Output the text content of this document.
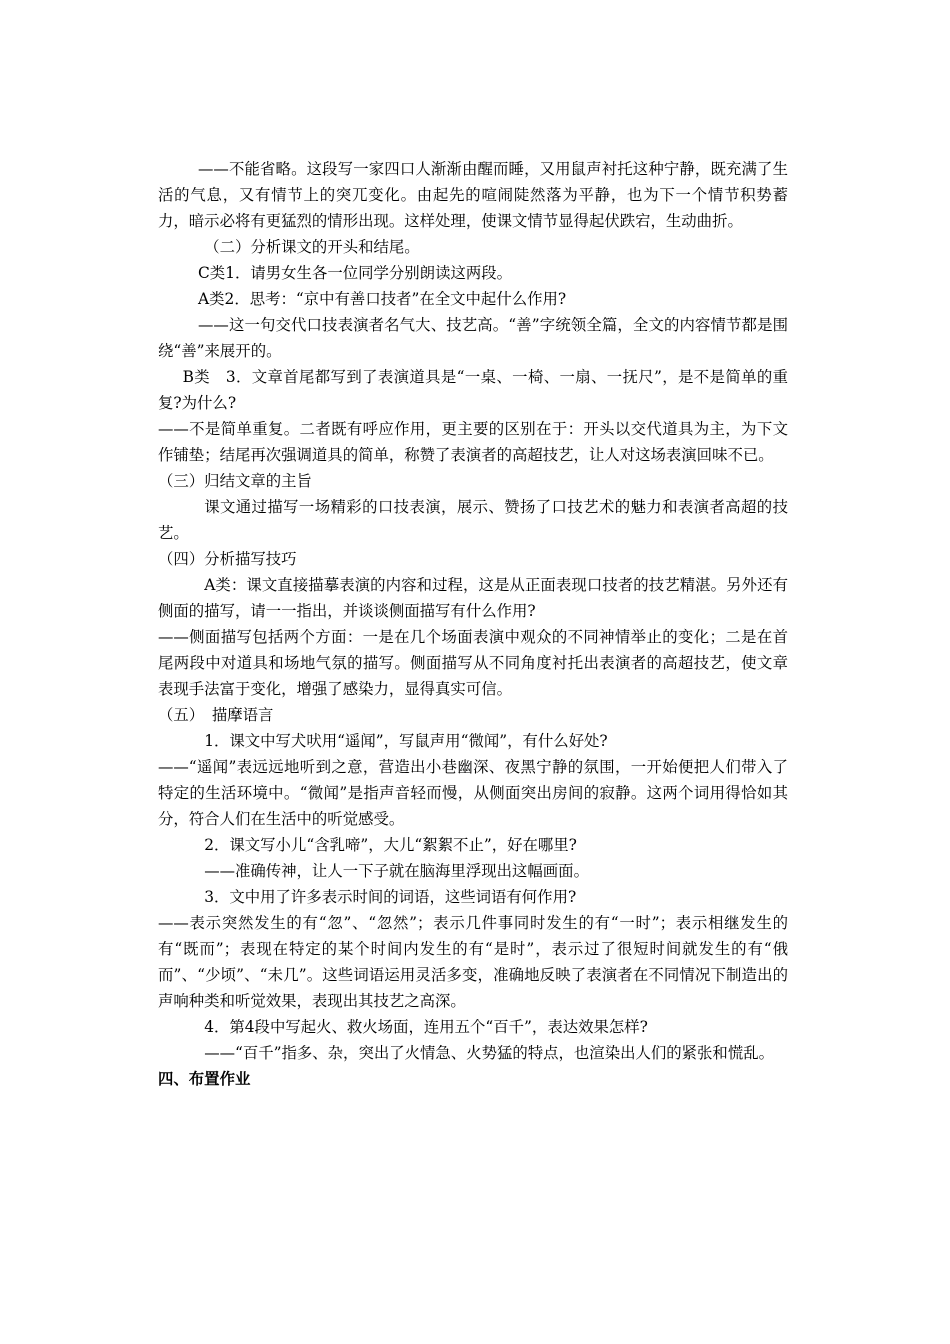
——不能省略。这段写一家四口人渐渐由醒而睡，又用鼠声衬托这种宁静，既充满了生活的气息，又有情节上的突兀变化。由起先的喧闹陡然落为平静，也为下一个情节积势蓄力，暗示必将有更猛烈的情形出现。这样处理，使课文情节显得起伏跌宕，生动曲折。

（二）分析课文的开头和结尾。

C类1．请男女生各一位同学分别朗读这两段。

A类2．思考：“京中有善口技者”在全文中起什么作用?

——这一句交代口技表演者名气大、技艺高。“善”字统领全篇，全文的内容情节都是围绕“善”来展开的。

B类　3．文章首尾都写到了表演道具是“一桌、一椅、一扇、一抚尺”，是不是简单的重复?为什么?

——不是简单重复。二者既有呼应作用，更主要的区别在于：开头以交代道具为主，为下文作铺垫；结尾再次强调道具的简单，称赞了表演者的高超技艺，让人对这场表演回味不已。

（三）归结文章的主旨

课文通过描写一场精彩的口技表演，展示、赞扬了口技艺术的魅力和表演者高超的技艺。

（四）分析描写技巧

A类：课文直接描摹表演的内容和过程，这是从正面表现口技者的技艺精湛。另外还有侧面的描写，请一一指出，并谈谈侧面描写有什么作用?

——侧面描写包括两个方面：一是在几个场面表演中观众的不同神情举止的变化；二是在首尾两段中对道具和场地气氛的描写。侧面描写从不同角度衬托出表演者的高超技艺，使文章表现手法富于变化，增强了感染力，显得真实可信。

（五）　描摩语言

1．课文中写犬吠用“遥闻”，写鼠声用“微闻”，有什么好处?

——“遥闻”表远远地听到之意，营造出小巷幽深、夜黑宁静的氛围，一开始便把人们带入了特定的生活环境中。“微闻”是指声音轻而慢，从侧面突出房间的寂静。这两个词用得恰如其分，符合人们在生活中的听觉感受。

2．课文写小儿“含乳啼”，大儿“絮絮不止”，好在哪里?

——准确传神，让人一下子就在脑海里浮现出这幅画面。

3．文中用了许多表示时间的词语，这些词语有何作用?

——表示突然发生的有“忽”、“忽然”；表示几件事同时发生的有“一时”；表示相继发生的有“既而”；表现在特定的某个时间内发生的有“是时”，表示过了很短时间就发生的有“俄而”、“少顷”、“未几”。这些词语运用灵活多变，准确地反映了表演者在不同情况下制造出的声响种类和听觉效果，表现出其技艺之高深。

4．第4段中写起火、救火场面，连用五个“百千”，表达效果怎样?

——“百千”指多、杂，突出了火情急、火势猛的特点，也渲染出人们的紧张和慌乱。

四、布置作业
